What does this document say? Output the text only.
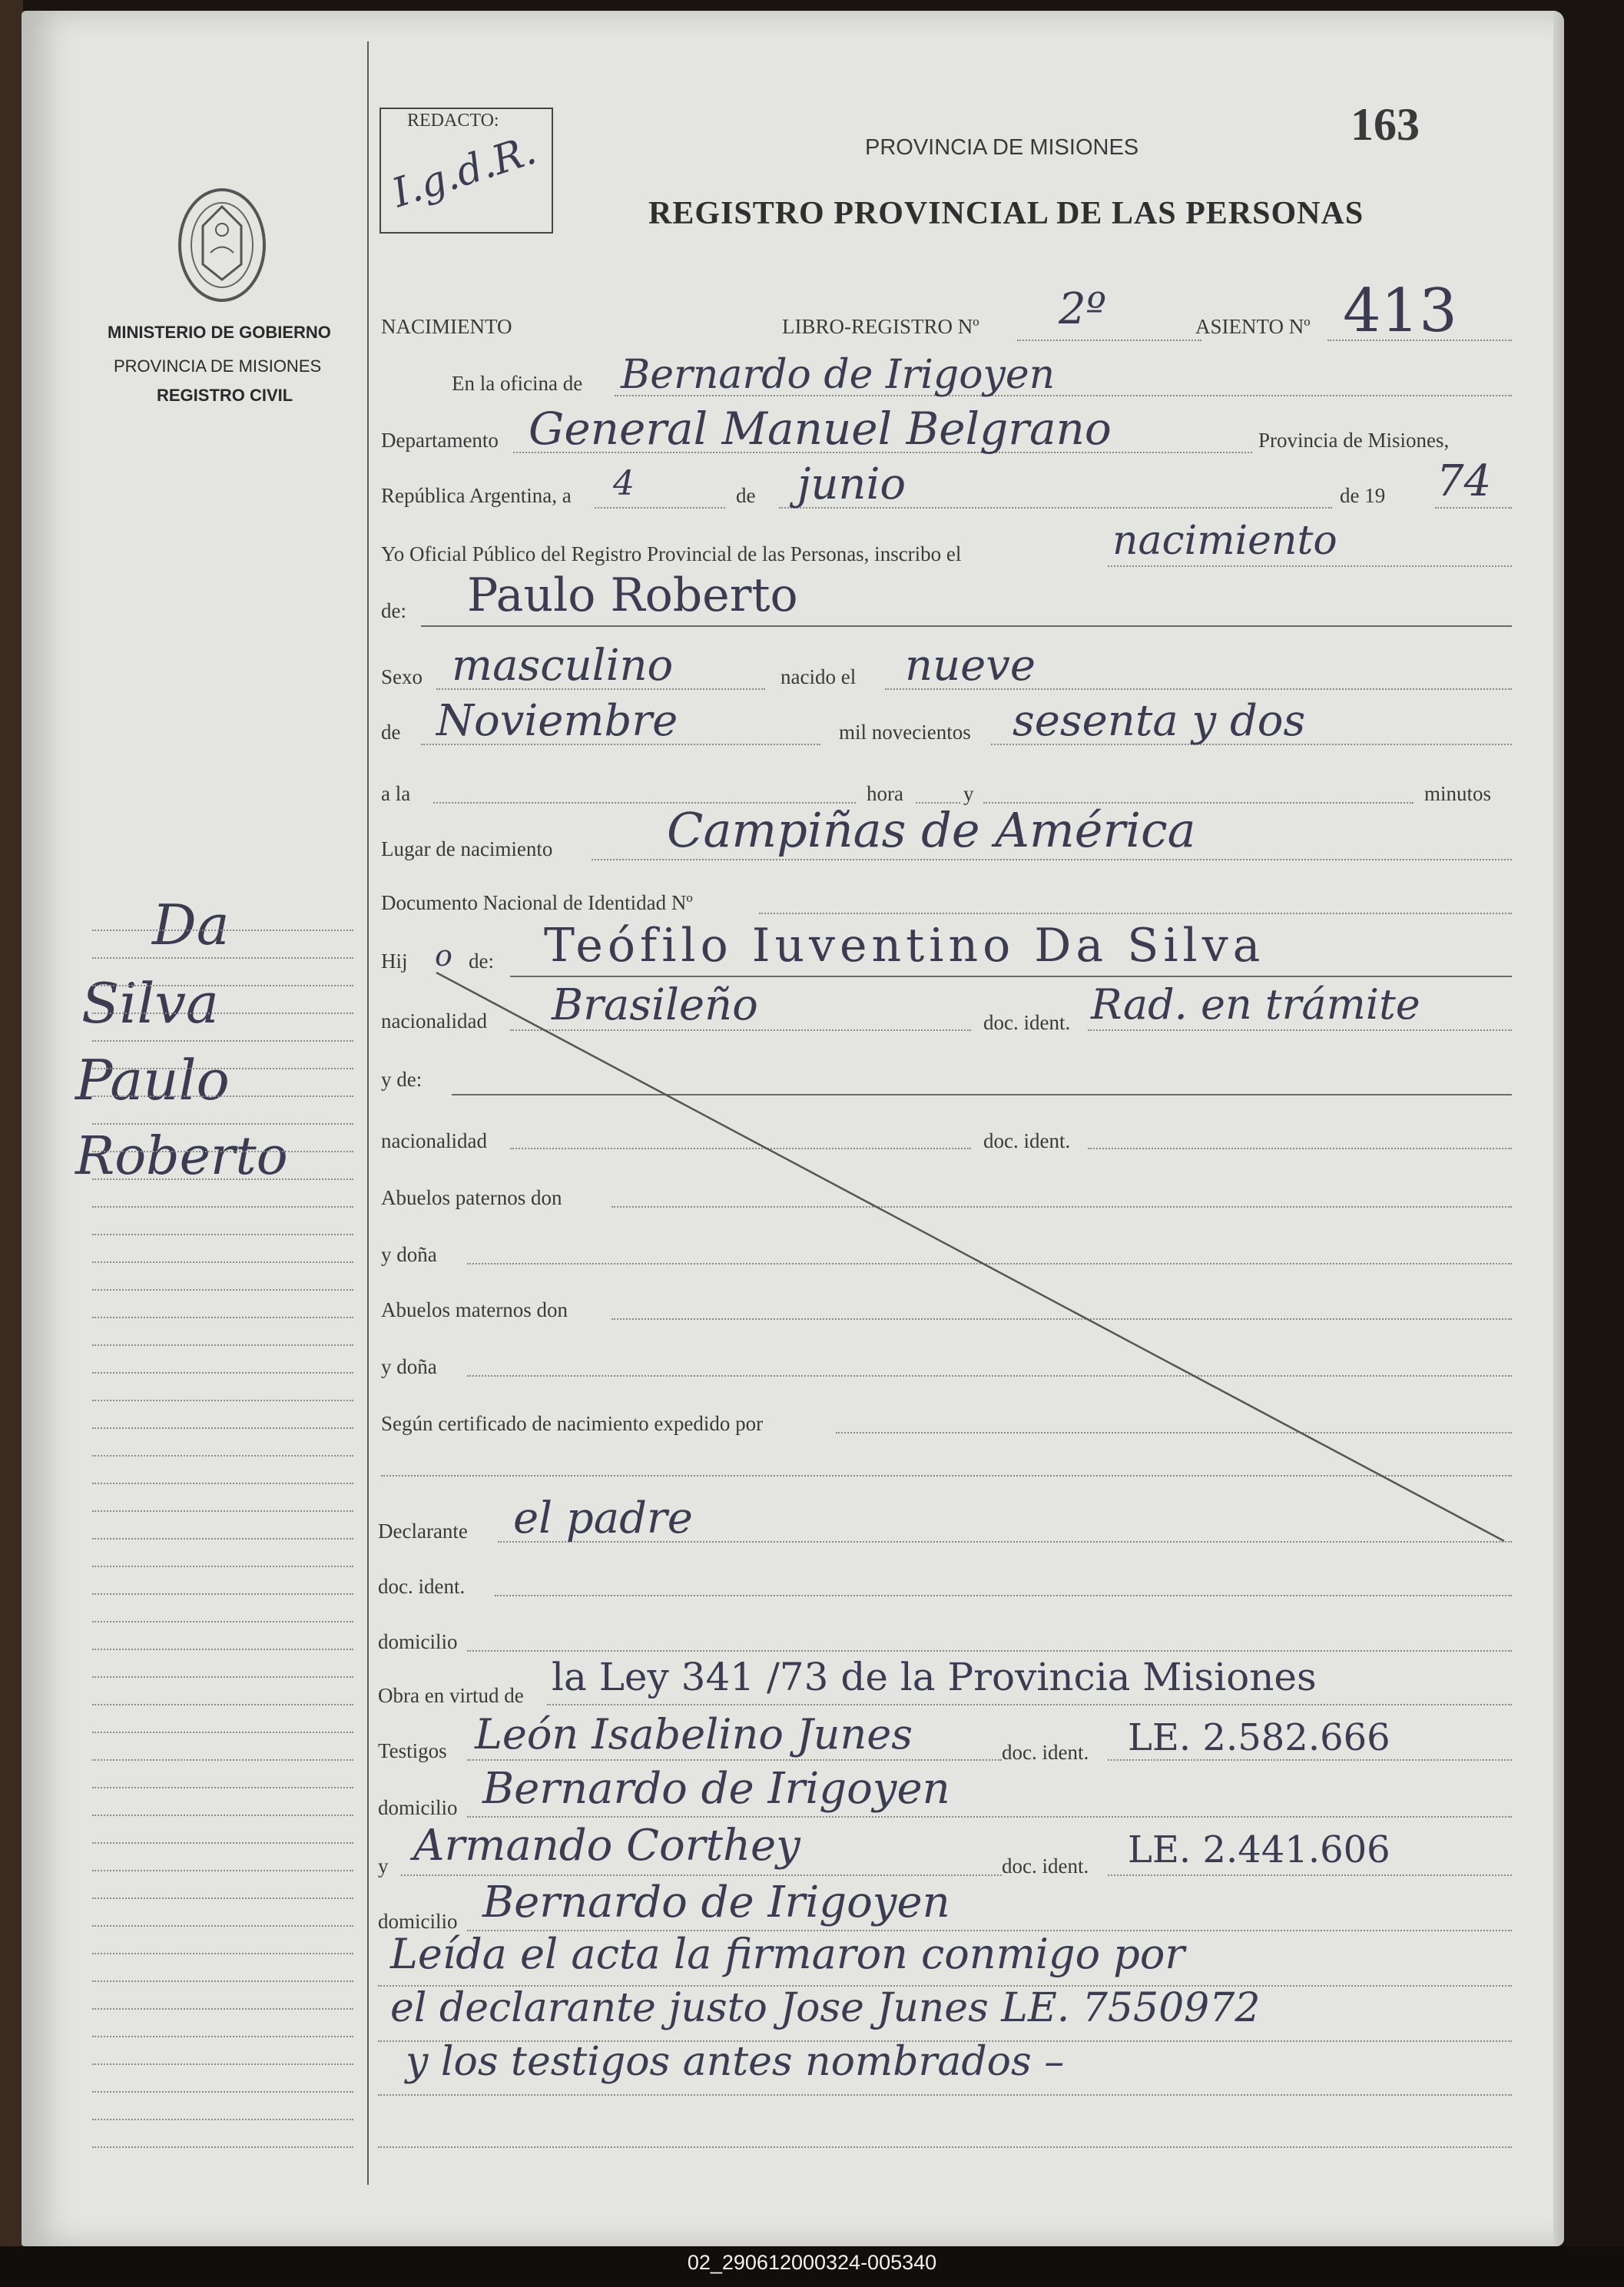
MINISTERIO DE GOBIERNO
PROVINCIA DE MISIONES
REGISTRO CIVIL
Da
Silva
Paulo
Roberto
REDACTO:
I.g.d.R.
163
PROVINCIA DE MISIONES
REGISTRO PROVINCIAL DE LAS PERSONAS
NACIMIENTO	LIBRO-REGISTRO Nº 2º	ASIENTO Nº 413
En la oficina de Bernardo de Irigoyen
Departamento General Manuel Belgrano	Provincia de Misiones,
República Argentina, a 4	de junio	de 19 74
Yo Oficial Público del Registro Provincial de las Personas, inscribo el	nacimiento
de: Paulo Roberto
Sexo masculino	nacido el nueve
de Noviembre	mil novecientos sesenta y dos
a la	hora	y	minutos
Lugar de nacimiento Campiñas de América
Documento Nacional de Identidad Nº
Hij o de: Teófilo Iuventino Da Silva
nacionalidad Brasileño	doc. ident. Rad. en trámite
y de:
nacionalidad	doc. ident.
Abuelos paternos don
y doña
Abuelos maternos don
y doña
Según certificado de nacimiento expedido por
Declarante el padre
doc. ident.
domicilio
Obra en virtud de la Ley 341 /73 de la Provincia Misiones
Testigos León Isabelino Junes	doc. ident. LE. 2.582.666
domicilio Bernardo de Irigoyen
y Armando Corthey	doc. ident. LE. 2.441.606
domicilio Bernardo de Irigoyen
Leída el acta la firmaron conmigo por
el declarante justo Jose Junes LE. 7550972
y los testigos antes nombrados –
02_290612000324-005340
